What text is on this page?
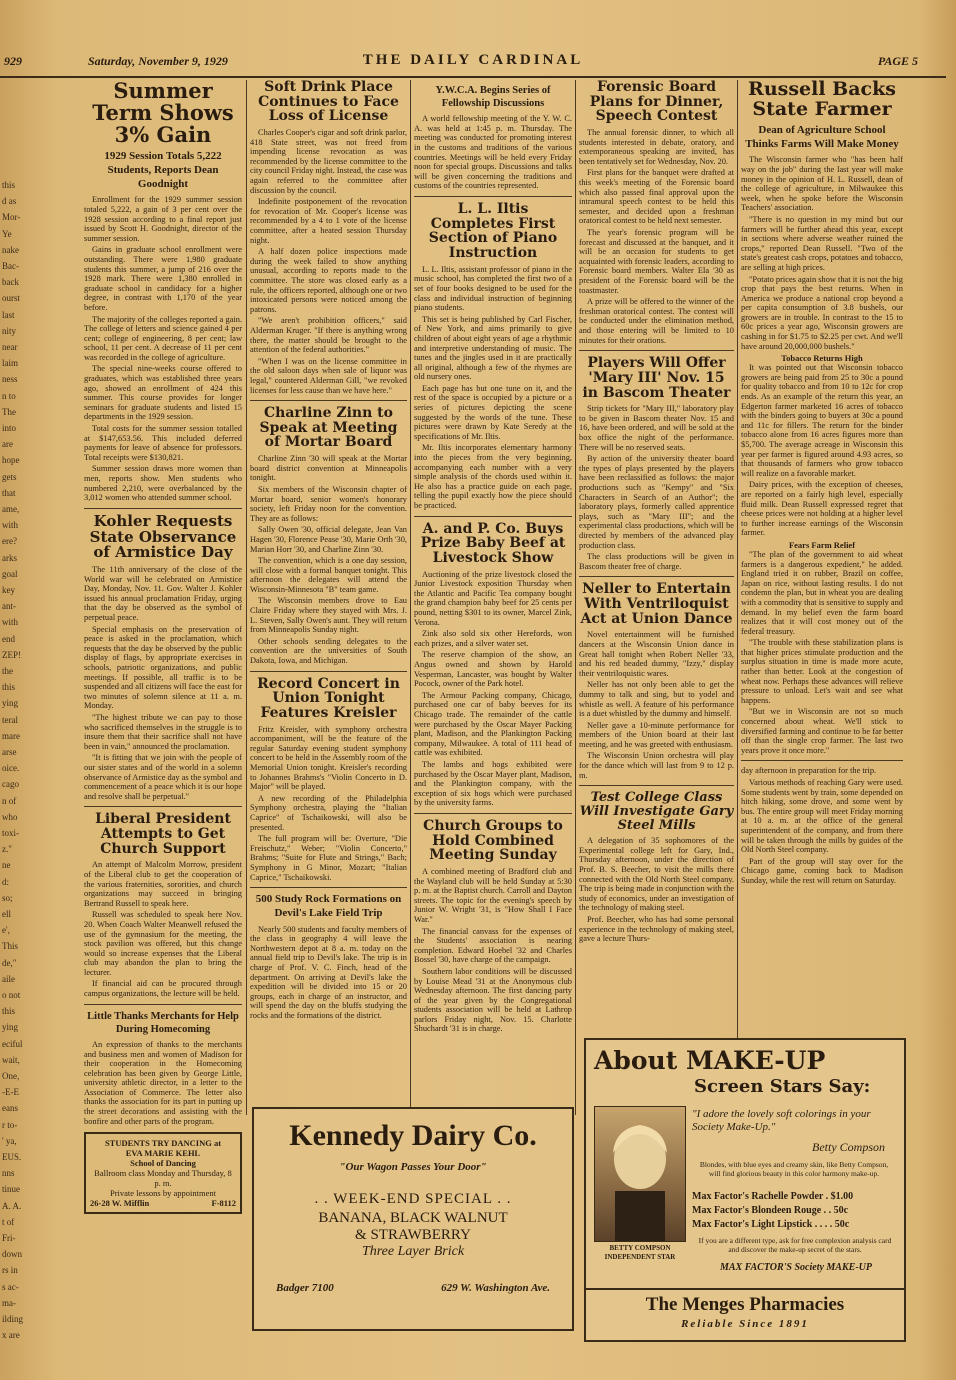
this
d as
Mor-
Ye
nake
Bac-
back
ourst
last
nity
near
laim
ness
n to
The
into
are
hope
gets
that
ame,
with
ere?
arks
goal
key
ant-
with
end
ZEP!
the
this
ying
teral
mare
arse
oice.
cago
n of
who
toxi-
z."
ne
d:
so;
ell
e',
This
de,"
aile
o not
this
ying
eciful
wait,
One,
-E-E
eans
r to-
' ya,
EUS.
nns
tinue
A. A.
t of
Fri-
down
rs in
s ac-
ma-
ilding
x are
929	Saturday, November 9, 1929	THE DAILY CARDINAL	PAGE 5
Summer Term Shows 3% Gain
1929 Session Totals 5,222 Students, Reports Dean Goodnight

Enrollment for the 1929 summer session totaled 5,222, a gain of 3 per cent over the 1928 session according to a final report just issued by Scott H. Goodnight, director of the summer session.

Gains in graduate school enrollment were outstanding. There were 1,980 graduate students this summer, a jump of 216 over the 1928 mark. There were 1,380 enrolled in graduate school in candidacy for a higher degree, in contrast with 1,170 of the year before.

The majority of the colleges reported a gain. The college of letters and science gained 4 per cent; college of engineering, 8 per cent; law school, 11 per cent. A decrease of 11 per cent was recorded in the college of agriculture.

The special nine-weeks course offered to graduates, which was established three years ago, showed an enrollment of 424 this summer. This course provides for longer seminars for graduate students and listed 15 departments in the 1929 session.

Total costs for the summer session totalled at $147,653.56. This included deferred payments for leave of absence for professors. Total receipts were $130,821.

Summer session draws more women than men, reports show. Men students who numbered 2,210, were overbalanced by the 3,012 women who attended summer school.

Kohler Requests State Observance of Armistice Day

The 11th anniversary of the close of the World war will be celebrated on Armistice Day, Monday, Nov. 11. Gov. Walter J. Kohler issued his annual proclamation Friday, urging that the day be observed as the symbol of perpetual peace.

Special emphasis on the preservation of peace is asked in the proclamation, which requests that the day be observed by the public display of flags, by appropriate exercises in schools, patriotic organizations, and public meetings. If possible, all traffic is to be suspended and all citizens will face the east for two minutes of solemn silence at 11 a. m. Monday.

"The highest tribute we can pay to those who sacrificed themselves in the struggle is to insure them that their sacrifice shall not have been in vain," announced the proclamation.

"It is fitting that we join with the people of our sister states and of the world in a solemn observance of Armistice day as the symbol and commencement of a peace which it is our hope and resolve shall be perpetual."

Liberal President Attempts to Get Church Support

An attempt of Malcolm Morrow, president of the Liberal club to get the cooperation of the various fraternities, sororities, and church organizations may succeed in bringing Bertrand Russell to speak here.

Russell was scheduled to speak here Nov. 20. When Coach Walter Meanwell refused the use of the gymnasium for the meeting, the stock pavilion was offered, but this change would so increase expenses that the Liberal club may abandon the plan to bring the lecturer.

If financial aid can be procured through campus organizations, the lecture will be held.

Little Thanks Merchants for Help During Homecoming

An expression of thanks to the merchants and business men and women of Madison for their cooperation in the Homecoming celebration has been given by George Little, university athletic director, in a letter to the Association of Commerce. The letter also thanks the association for its part in putting up the street decorations and assisting with the bonfire and other parts of the program.

STUDENTS TRY DANCING at
EVA MARIE KEHL
School of Dancing
Ballroom class Monday and Thursday, 8 p. m.
Private lessons by appointment
26-28 W. Mifflin	F-8112
Soft Drink Place Continues to Face Loss of License

Charles Cooper's cigar and soft drink parlor, 418 State street, was not freed from impending license revocation as was recommended by the license committee to the city council Friday night. Instead, the case was again referred to the committee after discussion by the council.

Indefinite postponement of the revocation for revocation of Mr. Cooper's license was recommended by a 4 to 1 vote of the license committee, after a heated session Thursday night.

A half dozen police inspections made during the week failed to show anything unusual, according to reports made to the committee. The store was closed early as a rule, the officers reported, although one or two intoxicated persons were noticed among the patrons.

"We aren't prohibition officers," said Alderman Kruger. "If there is anything wrong there, the matter should be brought to the attention of the federal authorities."

"When I was on the license committee in the old saloon days when sale of liquor was legal," countered Alderman Gill, "we revoked licenses for less cause than we have here."

Charline Zinn to Speak at Meeting of Mortar Board

Charline Zinn '30 will speak at the Mortar board district convention at Minneapolis tonight.

Six members of the Wisconsin chapter of Mortar board, senior women's honorary society, left Friday noon for the convention. They are as follows:

Sally Owen '30, official delegate, Jean Van Hagen '30, Florence Pease '30, Marie Orth '30, Marian Horr '30, and Charline Zinn '30.

The convention, which is a one day session, will close with a formal banquet tonight. This afternoon the delegates will attend the Wisconsin-Minnesota "B" team game.

The Wisconsin members drove to Eau Claire Friday where they stayed with Mrs. J. L. Steven, Sally Owen's aunt. They will return from Minneapolis Sunday night.

Other schools sending delegates to the convention are the universities of South Dakota, Iowa, and Michigan.

Record Concert in Union Tonight Features Kreisler

Fritz Kreisler, with symphony orchestra accompaniment, will be the feature of the regular Saturday evening student symphony concert to be held in the Assembly room of the Memorial Union tonight. Kreisler's recording to Johannes Brahms's "Violin Concerto in D. Major" will be played.

A new recording of the Philadelphia Symphony orchestra, playing the "Italian Caprice" of Tschaikowski, will also be presented.

The full program will be: Overture, "Die Freischutz," Weber; "Violin Concerto," Brahms; "Suite for Flute and Strings," Bach; Symphony in G Minor, Mozart; "Italian Caprice," Tschaikowski.

500 Study Rock Formations on Devil's Lake Field Trip

Nearly 500 students and faculty members of the class in geography 4 will leave the Northwestern depot at 8 a. m. today on the annual field trip to Devil's lake. The trip is in charge of Prof. V. C. Finch, head of the department. On arriving at Devil's lake the expedition will be divided into 15 or 20 groups, each in charge of an instructor, and will spend the day on the bluffs studying the rocks and the formations of the district.

Y.W.C.A. Begins Series of Fellowship Discussions

A world fellowship meeting of the Y. W. C. A. was held at 1:45 p. m. Thursday. The meeting was conducted for promoting interest in the customs and traditions of the various countries. Meetings will be held every Friday noon for special groups. Discussions and talks will be given concerning the traditions and customs of the countries represented.

L. L. Iltis Completes First Section of Piano Instruction

L. L. Iltis, assistant professor of piano in the music school, has completed the first two of a set of four books designed to be used for the class and individual instruction of beginning piano students.

This set is being published by Carl Fischer, of New York, and aims primarily to give children of about eight years of age a rhythmic and interpretive understanding of music. The tunes and the jingles used in it are practically all original, although a few of the rhymes are old nursery ones.

Each page has but one tune on it, and the rest of the space is occupied by a picture or a series of pictures depicting the scene suggested by the words of the tune. These pictures were drawn by Kate Seredy at the specifications of Mr. Iltis.

Mr. Iltis incorporates elementary harmony into the pieces from the very beginning, accompanying each number with a very simple analysis of the chords used within it. He also has a practice guide on each page, telling the pupil exactly how the piece should be practiced.

A. and P. Co. Buys Prize Baby Beef at Livestock Show

Auctioning of the prize livestock closed the Junior Livestock exposition Thursday when the Atlantic and Pacific Tea company bought the grand champion baby beef for 25 cents per pound, netting $301 to its owner, Marcel Zink, Verona.

Zink also sold six other Herefords, won each prizes, and a silver water set.

The reserve champion of the show, an Angus owned and shown by Harold Vesperman, Lancaster, was bought by Walter Pocock, owner of the Park hotel.

The Armour Packing company, Chicago, purchased one car of baby beeves for its Chicago trade. The remainder of the cattle were purchased by the Oscar Mayer Packing plant, Madison, and the Plankington Packing company, Milwaukee. A total of 111 head of cattle was exhibited.

The lambs and hogs exhibited were purchased by the Oscar Mayer plant, Madison, and the Plankington company, with the exception of six hogs which were purchased by the university farms.

Church Groups to Hold Combined Meeting Sunday

A combined meeting of Bradford club and the Wayland club will be held Sunday at 5:30 p. m. at the Baptist church. Carroll and Dayton streets. The topic for the evening's speech by Junior W. Wright '31, is "How Shall I Face War."

The financial canvass for the expenses of the Students' association is nearing completion. Edward Hoebel '32 and Charles Bossel '30, have charge of the campaign.

Southern labor conditions will be discussed by Louise Mead '31 at the Anonymous club Wednesday afternoon. The first dancing party of the year given by the Congregational students association will be held at Lathrop parlors Friday night, Nov. 15. Charlotte Shuchardt '31 is in charge.

Forensic Board Plans for Dinner, Speech Contest

The annual forensic dinner, to which all students interested in debate, oratory, and extemporaneous speaking are invited, has been tentatively set for Wednesday, Nov. 20.

First plans for the banquet were drafted at this week's meeting of the Forensic board which also passed final approval upon the intramural speech contest to be held this semester, and decided upon a freshman oratorical contest to be held next semester.

The year's forensic program will be forecast and discussed at the banquet, and it will be an occasion for students to get acquainted with forensic leaders, according to Forensic board members. Walter Ela '30 as president of the Forensic board will be the toastmaster.

A prize will be offered to the winner of the freshman oratorical contest. The contest will be conducted under the elimination method, and those entering will be limited to 10 minutes for their orations.

Players Will Offer 'Mary III' Nov. 15 in Bascom Theater

Strip tickets for "Mary III," laboratory play to be given in Bascom theater Nov. 15 and 16, have been ordered, and will be sold at the box office the night of the performance. There will be no reserved seats.

By action of the university theater board the types of plays presented by the players have been reclassified as follows: the major productions such as "Kempy" and "Six Characters in Search of an Author"; the laboratory plays, formerly called apprentice plays, such as "Mary III"; and the experimental class productions, which will be directed by members of the advanced play production class.

The class productions will be given in Bascom theater free of charge.

Neller to Entertain With Ventriloquist Act at Union Dance

Novel entertainment will be furnished dancers at the Wisconsin Union dance in Great hall tonight when Robert Neller '33, and his red headed dummy, "Izzy," display their ventriloquistic wares.

Neller has not only been able to get the dummy to talk and sing, but to yodel and whistle as well. A feature of his performance is a duet whistled by the dummy and himself.

Neller gave a 10-minute performance for members of the Union board at their last meeting, and he was greeted with enthusiasm.

The Wisconsin Union orchestra will play for the dance which will last from 9 to 12 p. m.

Test College Class Will Investigate Gary Steel Mills

A delegation of 35 sophomores of the Experimental college left for Gary, Ind., Thursday afternoon, under the direction of Prof. B. S. Beecher, to visit the mills there connected with the Old North Steel company. The trip is being made in conjunction with the study of economics, under an investigation of the technology of making steel.

Prof. Beecher, who has had some personal experience in the technology of making steel, gave a lecture Thurs-

Russell Backs State Farmer
Dean of Agriculture School Thinks Farms Will Make Money

The Wisconsin farmer who "has been half way on the job" during the last year will make money in the opinion of H. L. Russell, dean of the college of agriculture, in Milwaukee this week, when he spoke before the Wisconsin Teachers' association.

"There is no question in my mind but our farmers will be further ahead this year, except in sections where adverse weather ruined the crops," reported Dean Russell. "Two of the state's greatest cash crops, potatoes and tobacco, are selling at high prices.

"Potato prices again show that it is not the big crop that pays the best returns. When in America we produce a national crop beyond a per capita consumption of 3.8 bushels, our growers are in trouble. In contrast to the 15 to 60c prices a year ago, Wisconsin growers are cashing in for $1.75 to $2.25 per cwt. And we'll have around 20,000,000 bushels."

Tobacco Returns High

It was pointed out that Wisconsin tobacco growers are being paid from 25 to 30c a pound for quality tobacco and from 10 to 12c for crop ends. As an example of the return this year, an Edgerton farmer marketed 16 acres of tobacco with the binders going to buyers at 30c a pound and 11c for fillers. The return for the binder tobacco alone from 16 acres figures more than $5,700. The average acreage in Wisconsin this year per farmer is figured around 4.93 acres, so that thousands of farmers who grow tobacco will realize on a favorable market.

Dairy prices, with the exception of cheeses, are reported on a fairly high level, especially fluid milk. Dean Russell expressed regret that cheese prices were not holding at a higher level to further increase earnings of the Wisconsin farmer.

Fears Farm Relief

"The plan of the government to aid wheat farmers is a dangerous expedient," he added. England tried it on rubber, Brazil on coffee, Japan on rice, without lasting results. I do not condemn the plan, but in wheat you are dealing with a commodity that is sensitive to supply and demand. In my belief even the farm board realizes that it will cost money out of the federal treasury.

"The trouble with these stabilization plans is that higher prices stimulate production and the surplus situation in time is made more acute, rather than better. Look at the congestion of wheat now. Perhaps these advances will relieve pressure to unload. Let's wait and see what happens.

"But we in Wisconsin are not so much concerned about wheat. We'll stick to diversified farming and continue to be far better off than the single crop farmer. The last two years prove it once more."

day afternoon in preparation for the trip.

Various methods of reaching Gary were used. Some students went by train, some depended on hitch hiking, some drove, and some went by bus. The entire group will meet Friday morning at 10 a. m. at the office of the general superintendent of the company, and from there will be taken through the mills by guides of the Old North Steel company.

Part of the group will stay over for the Chicago game, coming back to Madison Sunday, while the rest will return on Saturday.

Kennedy Dairy Co.
"Our Wagon Passes Your Door"
. . WEEK-END SPECIAL . .
BANANA, BLACK WALNUT
& STRAWBERRY
Three Layer Brick
Badger 7100	629 W. Washington Ave.
About MAKE-UP
Screen Stars Say:
BETTY COMPSON
INDEPENDENT STAR
"I adore the lovely soft colorings in your Society Make-Up."
Betty Compson
Blondes, with blue eyes and creamy skin, like Betty Compson, will find glorious beauty in this color harmony make-up.
Max Factor's Rachelle Powder . $1.00
Max Factor's Blondeen Rouge . . 50c
Max Factor's Light Lipstick . . . . 50c
If you are a different type, ask for free complexion analysis card and discover the make-up secret of the stars.
MAX FACTOR'S Society MAKE-UP
The Menges Pharmacies
Reliable Since 1891
